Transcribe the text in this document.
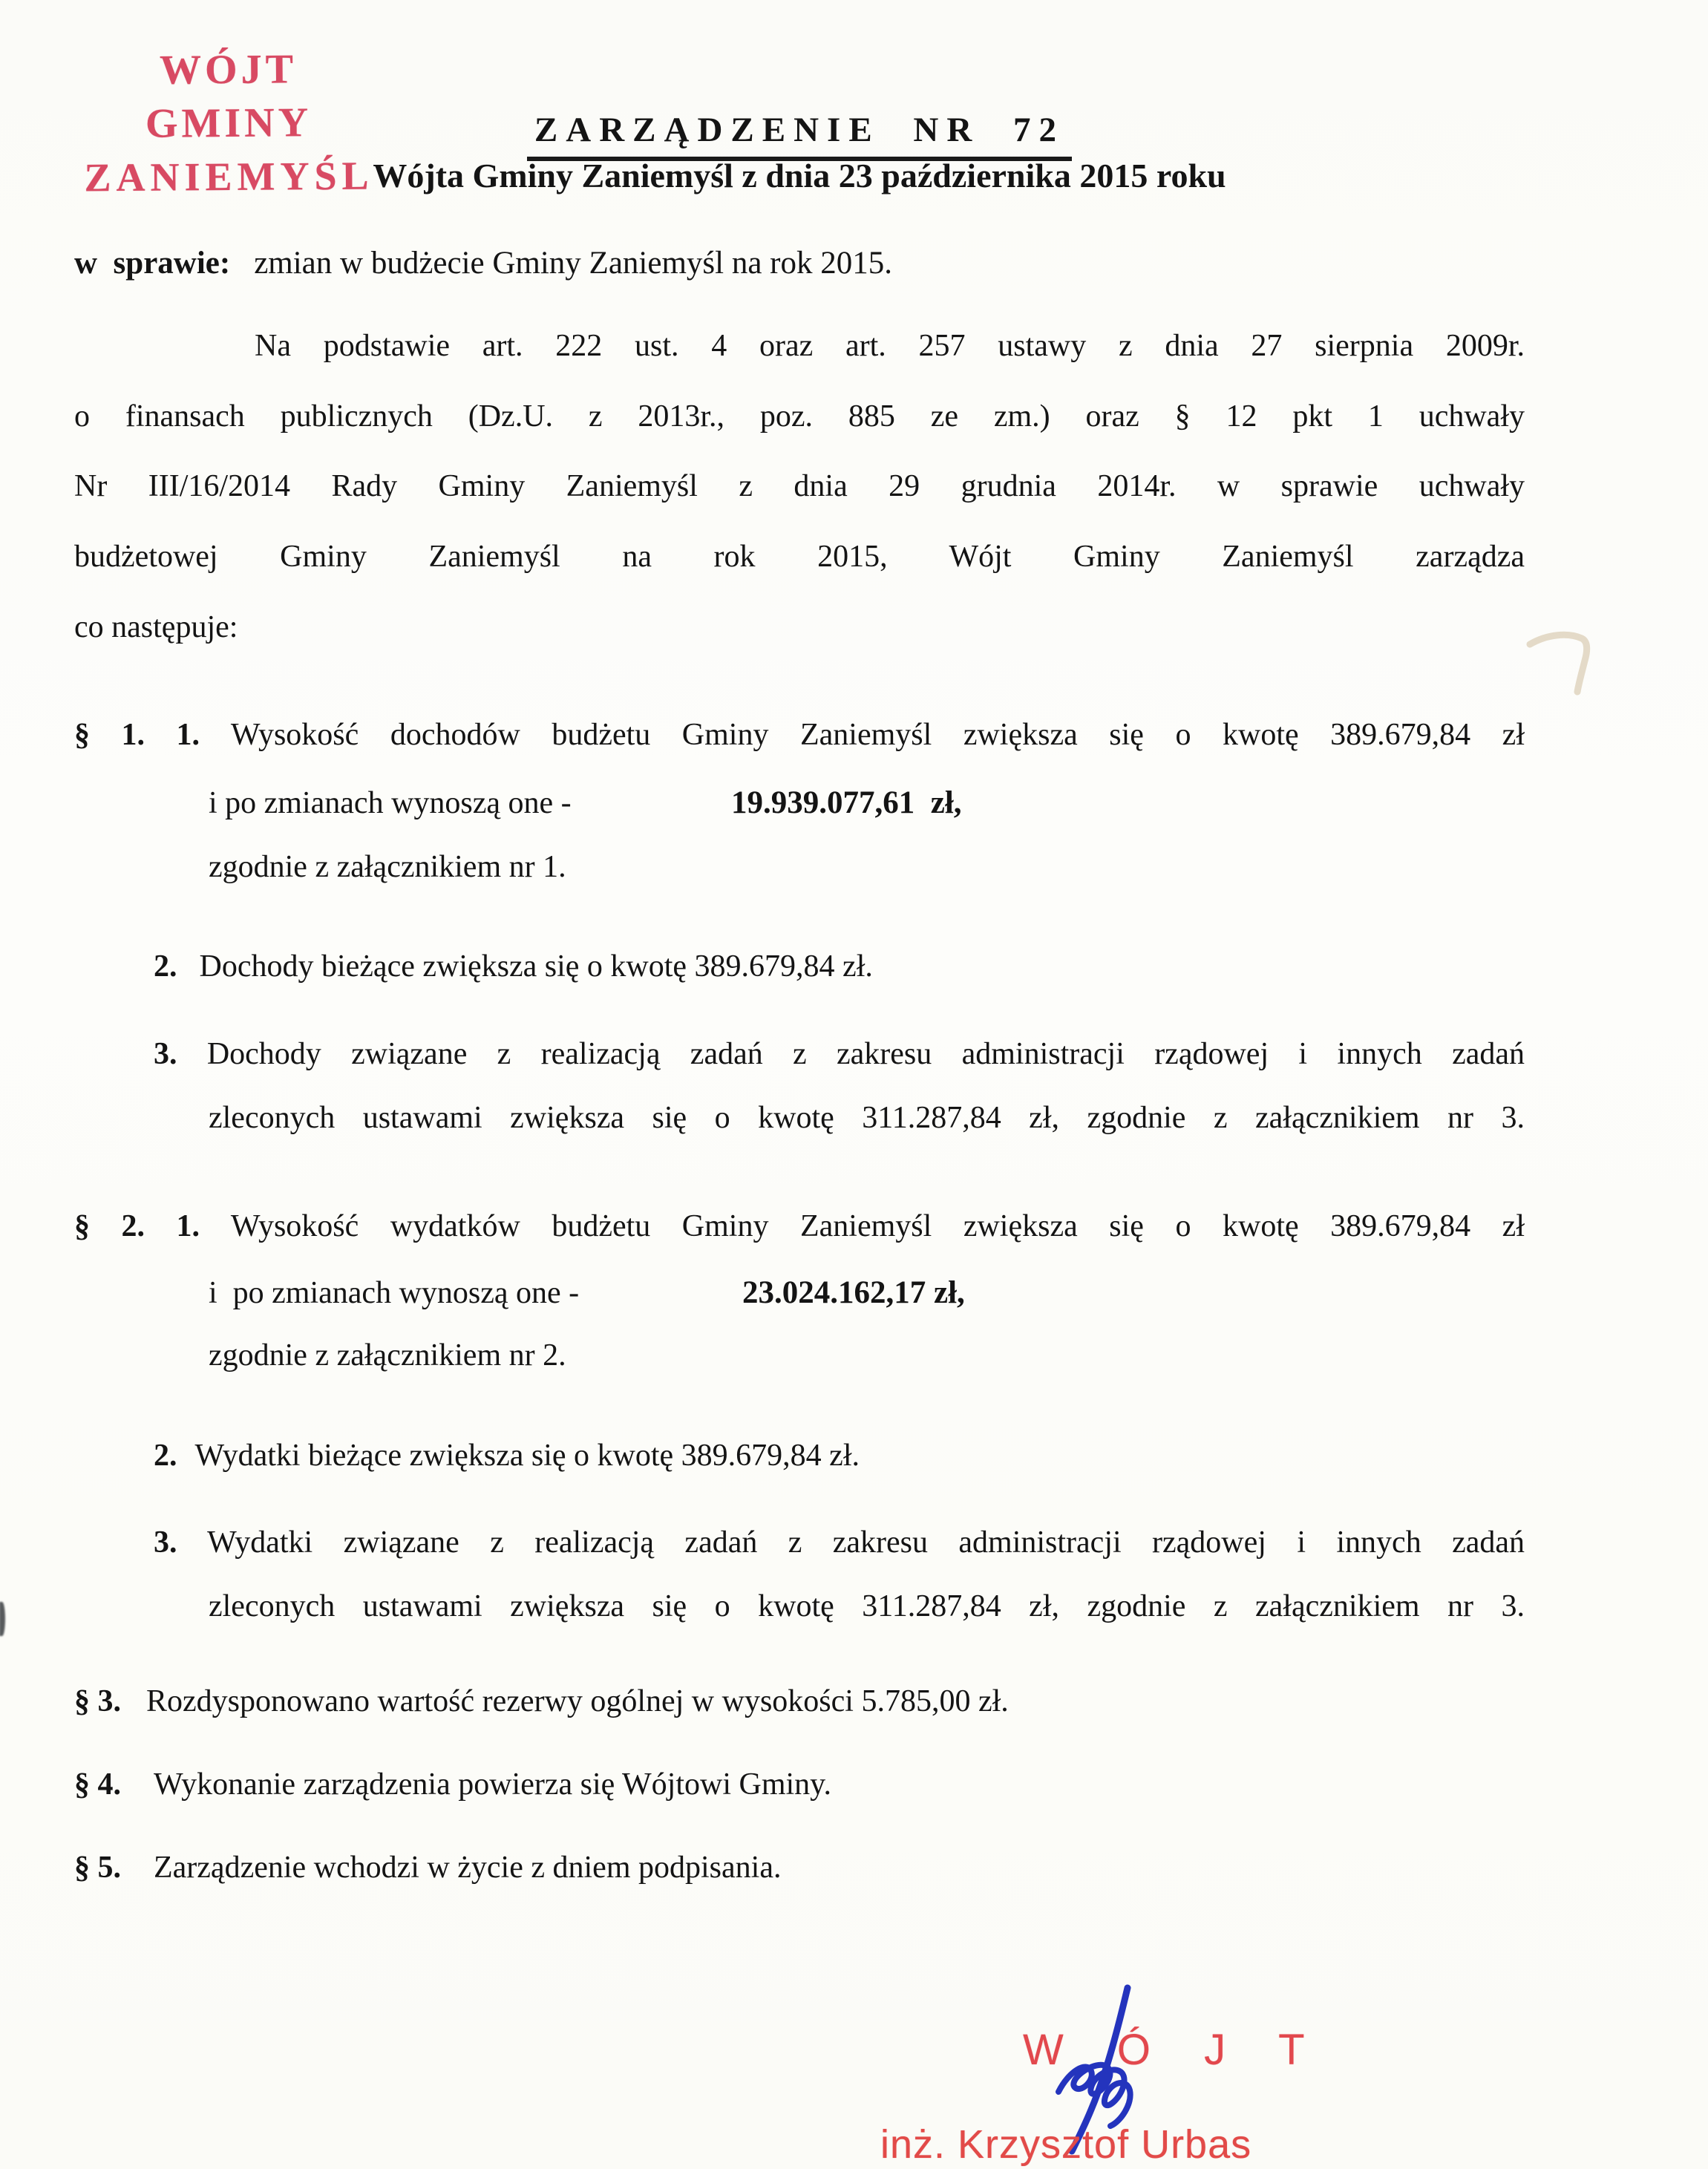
WÓJT GMINY
ZANIEMYŚL
ZARZĄDZENIE NR 72
Wójta Gminy Zaniemyśl z dnia 23 października 2015 roku
w  sprawie: zmian w budżecie Gminy Zaniemyśl na rok 2015.
Na podstawie art. 222 ust. 4 oraz art. 257 ustawy z dnia 27 sierpnia 2009r.
o finansach publicznych (Dz.U. z 2013r., poz. 885 ze zm.) oraz § 12 pkt 1 uchwały
Nr III/16/2014 Rady Gminy Zaniemyśl z dnia 29 grudnia 2014r. w sprawie uchwały
budżetowej Gminy Zaniemyśl na rok 2015, Wójt Gminy Zaniemyśl zarządza
co następuje:
§ 1. 1. Wysokość dochodów budżetu Gminy Zaniemyśl zwiększa się o kwotę 389.679,84 zł
i po zmianach wynoszą one -	19.939.077,61  zł,
zgodnie z załącznikiem nr 1.
2. Dochody bieżące zwiększa się o kwotę 389.679,84 zł.
3. Dochody związane z realizacją zadań z zakresu administracji rządowej i innych zadań
zleconych ustawami zwiększa się o kwotę 311.287,84 zł, zgodnie z załącznikiem nr 3.
§ 2. 1. Wysokość wydatków budżetu Gminy Zaniemyśl zwiększa się o kwotę 389.679,84 zł
i  po zmianach wynoszą one -	23.024.162,17 zł,
zgodnie z załącznikiem nr 2.
2. Wydatki bieżące zwiększa się o kwotę 389.679,84 zł.
3. Wydatki związane z realizacją zadań z zakresu administracji rządowej i innych zadań
zleconych ustawami zwiększa się o kwotę 311.287,84 zł, zgodnie z załącznikiem nr 3.
§ 3. Rozdysponowano wartość rezerwy ogólnej w wysokości 5.785,00 zł.
§ 4. Wykonanie zarządzenia powierza się Wójtowi Gminy.
§ 5. Zarządzenie wchodzi w życie z dniem podpisania.
W Ó J T
inż. Krzysztof Urbas
